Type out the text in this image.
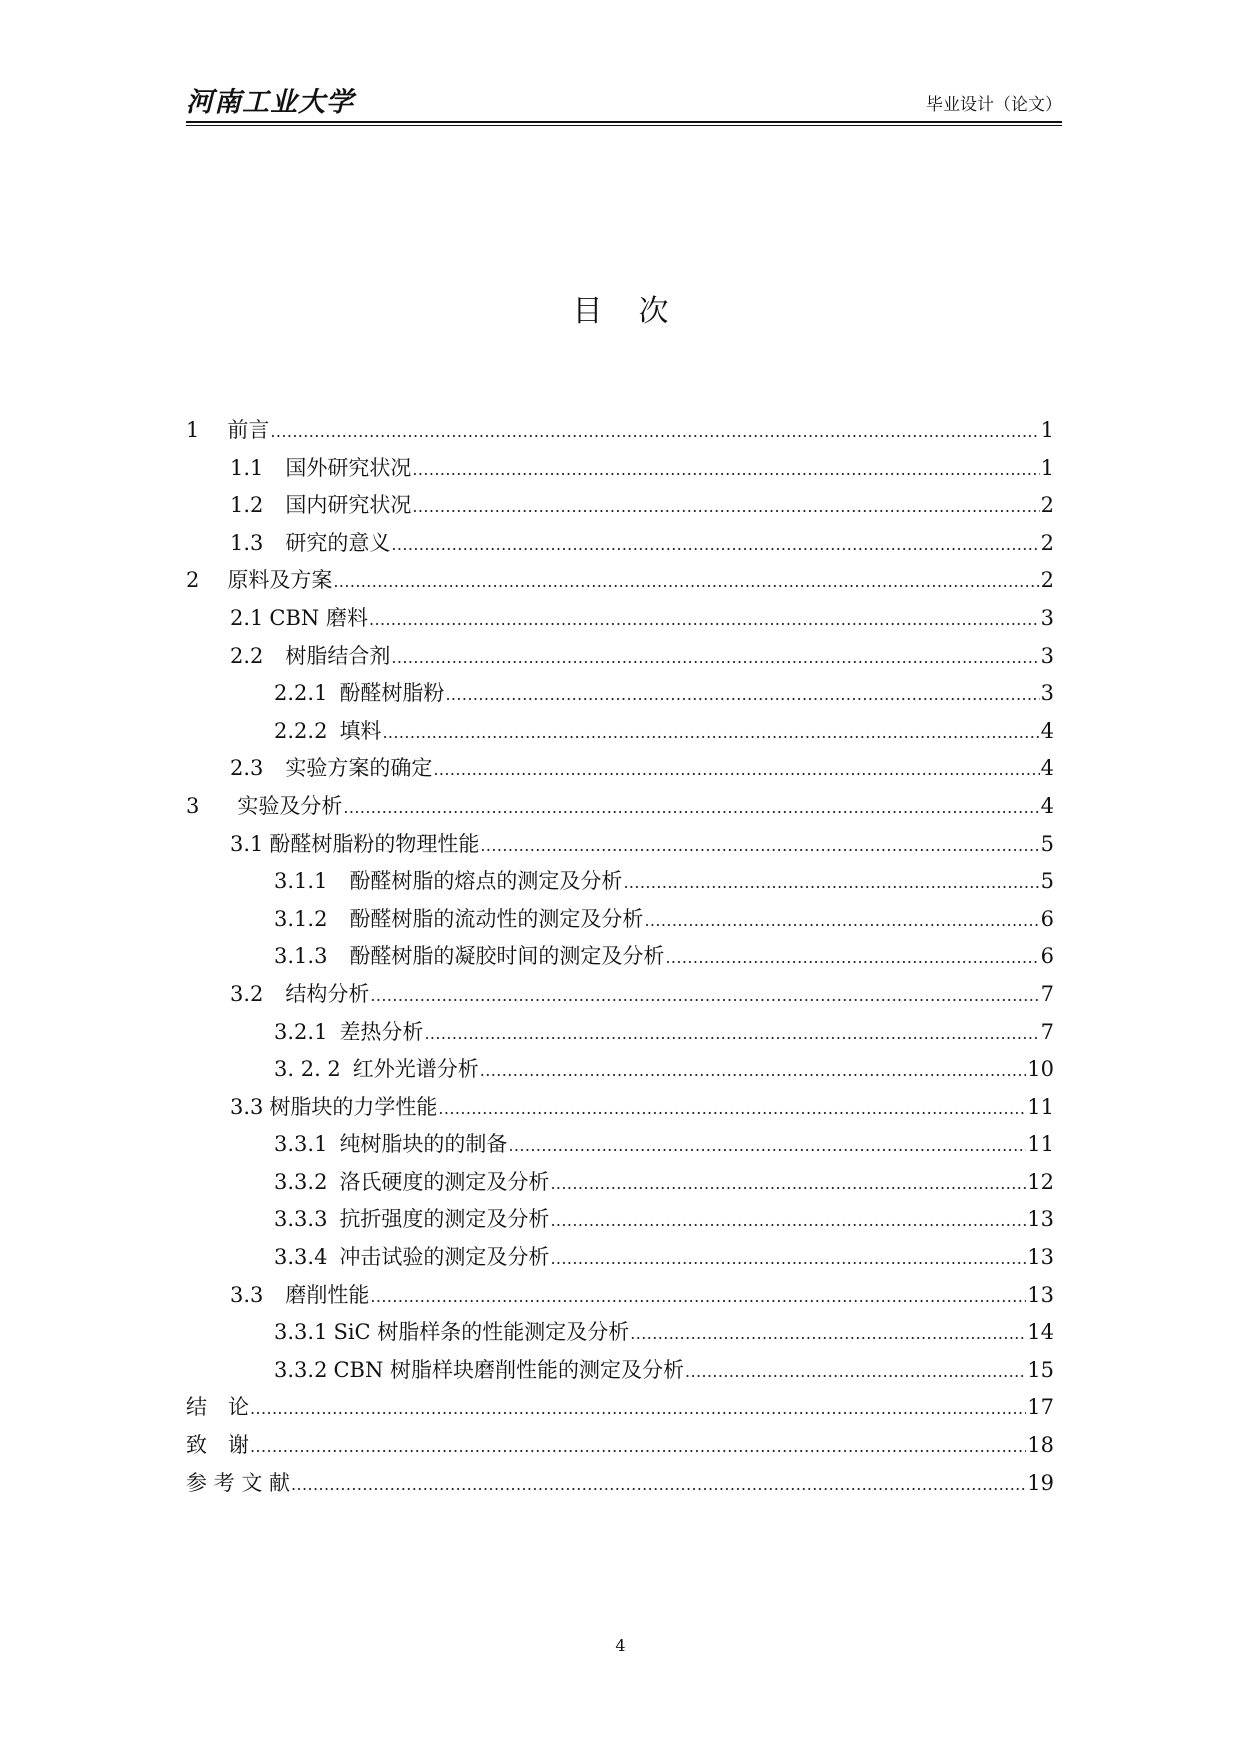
河南工业大学	毕业设计（论文）
目次
1 前言 .....	1
1.1 国外研究状况 .....	1
1.2 国内研究状况 .....	2
1.3 研究的意义 .....	2
2 原料及方案 .....	2
2.1 CBN 磨料 .....	3
2.2 树脂结合剂 .....	3
2.2.1 酚醛树脂粉 .....	3
2.2.2 填料 .....	4
2.3 实验方案的确定 .....	4
3 实验及分析 .....	4
3.1 酚醛树脂粉的物理性能 .....	5
3.1.1 酚醛树脂的熔点的测定及分析 .....	5
3.1.2 酚醛树脂的流动性的测定及分析 .....	6
3.1.3 酚醛树脂的凝胶时间的测定及分析 .....	6
3.2 结构分析 .....	7
3.2.1 差热分析 .....	7
3. 2. 2 红外光谱分析 .....	10
3.3 树脂块的力学性能 .....	11
3.3.1 纯树脂块的的制备 .....	11
3.3.2 洛氏硬度的测定及分析 .....	12
3.3.3 抗折强度的测定及分析 .....	13
3.3.4 冲击试验的测定及分析 .....	13
3.3 磨削性能 .....	13
3.3.1 SiC 树脂样条的性能测定及分析 .....	14
3.3.2 CBN 树脂样块磨削性能的测定及分析 .....	15
结　论 .....	17
致　谢 .....	18
参 考 文 献 .....	19
4
